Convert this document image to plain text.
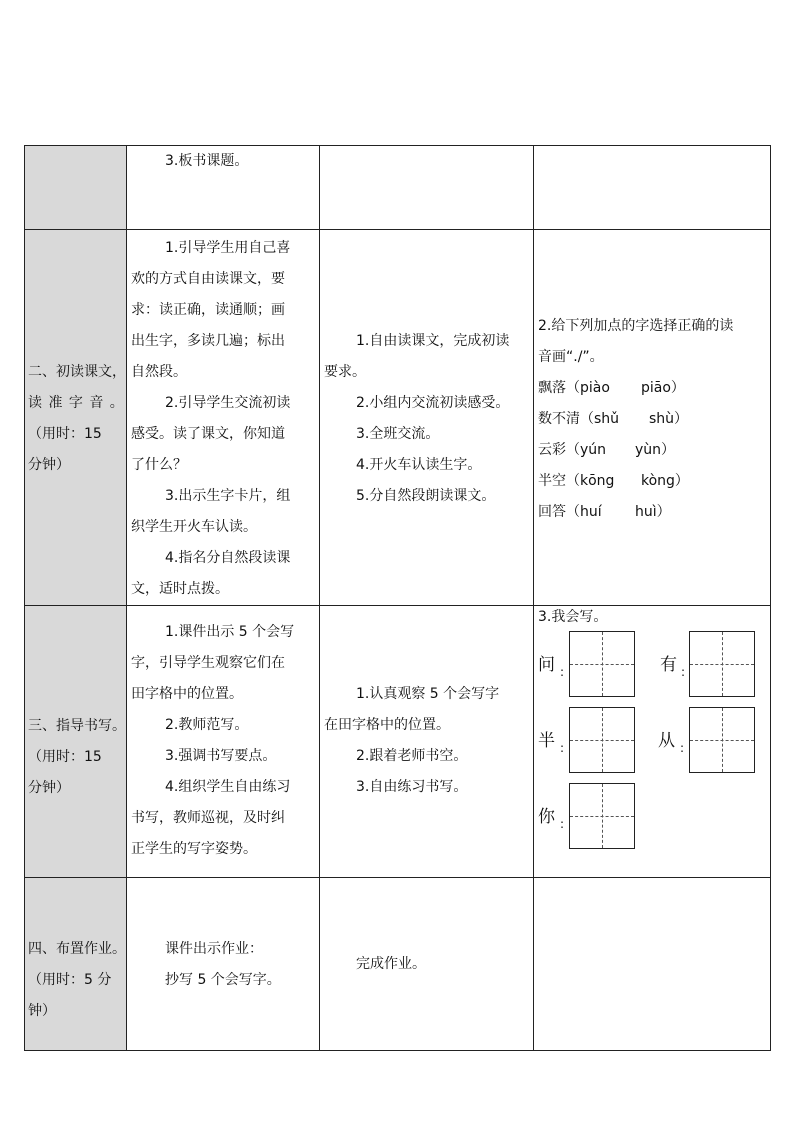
3.板书课题。
二、初读课文，
读 准 字 音 。
（用时：15
分钟）
1.引导学生用自己喜
欢的方式自由读课文，要
求：读正确，读通顺；画
出生字，多读几遍；标出
自然段。
2.引导学生交流初读
感受。读了课文，你知道
了什么？
3.出示生字卡片，组
织学生开火车认读。
4.指名分自然段读课
文，适时点拨。
1.自由读课文，完成初读
要求。
2.小组内交流初读感受。
3.全班交流。
4.开火车认读生字。
5.分自然段朗读课文。
2.给下列加点的字选择正确的读
音画“./”。
飘落 （piào piāo）
数不清 （shǔ shù）
云彩 （yún yùn）
半空 （kōng kòng）
回答 （huí huì）
三、指导书写。
（用时：15
分钟）
1.课件出示 5 个会写
字，引导学生观察它们在
田字格中的位置。
2.教师范写。
3.强调书写要点。
4.组织学生自由练习
书写，教师巡视，及时纠
正学生的写字姿势。
1.认真观察 5 个会写字
在田字格中的位置。
2.跟着老师书空。
3.自由练习书写。
3.我会写。
问 :	有 :
半 :	从 :
你 :
四、布置作业。
（用时：5 分
钟）
课件出示作业：
抄写 5 个会写字。
完成作业。
